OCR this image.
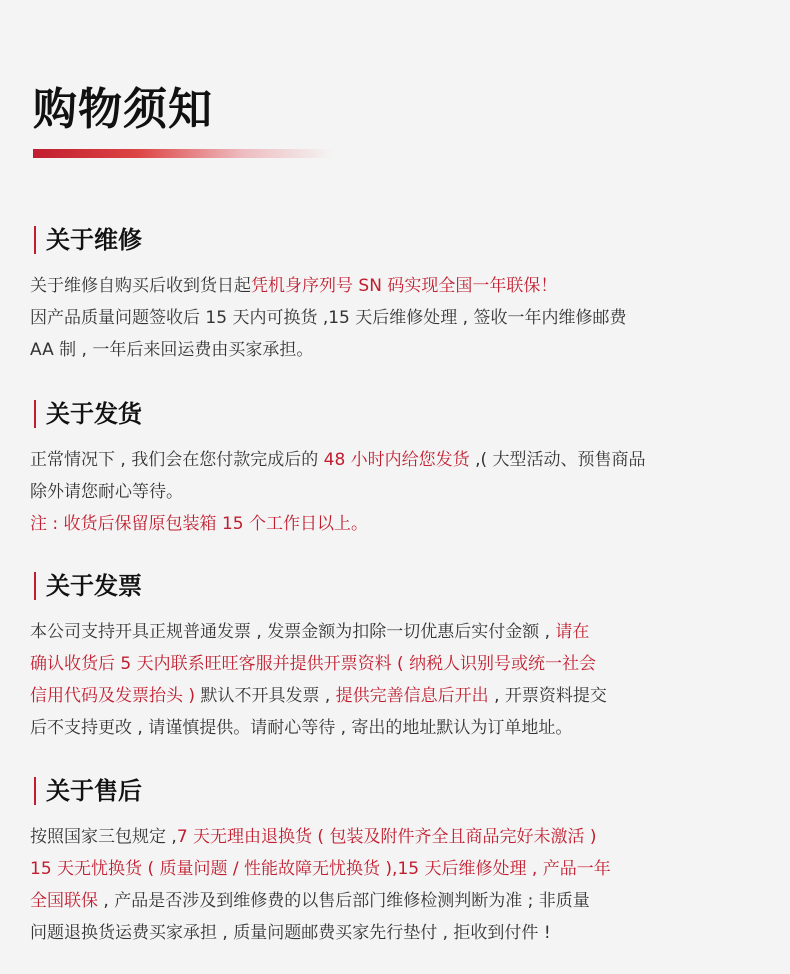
购物须知
关于维修
关于维修自购买后收到货日起凭机身序列号 SN 码实现全国一年联保！
因产品质量问题签收后 15 天内可换货 ,15 天后维修处理 , 签收一年内维修邮费
AA 制 , 一年后来回运费由买家承担。
关于发货
正常情况下 , 我们会在您付款完成后的 48 小时内给您发货 ,( 大型活动、预售商品
除外请您耐心等待。
注 : 收货后保留原包装箱 15 个工作日以上。
关于发票
本公司支持开具正规普通发票 , 发票金额为扣除一切优惠后实付金额 , 请在
确认收货后 5 天内联系旺旺客服并提供开票资料 ( 纳税人识别号或统一社会
信用代码及发票抬头 ) 默认不开具发票 , 提供完善信息后开出 , 开票资料提交
后不支持更改 , 请谨慎提供。请耐心等待 , 寄出的地址默认为订单地址。
关于售后
按照国家三包规定 ,7 天无理由退换货 ( 包装及附件齐全且商品完好未激活 )
15 天无忧换货 ( 质量问题 / 性能故障无忧换货 ),15 天后维修处理 , 产品一年
全国联保 , 产品是否涉及到维修费的以售后部门维修检测判断为准 ; 非质量
问题退换货运费买家承担 , 质量问题邮费买家先行垫付 , 拒收到付件 !
